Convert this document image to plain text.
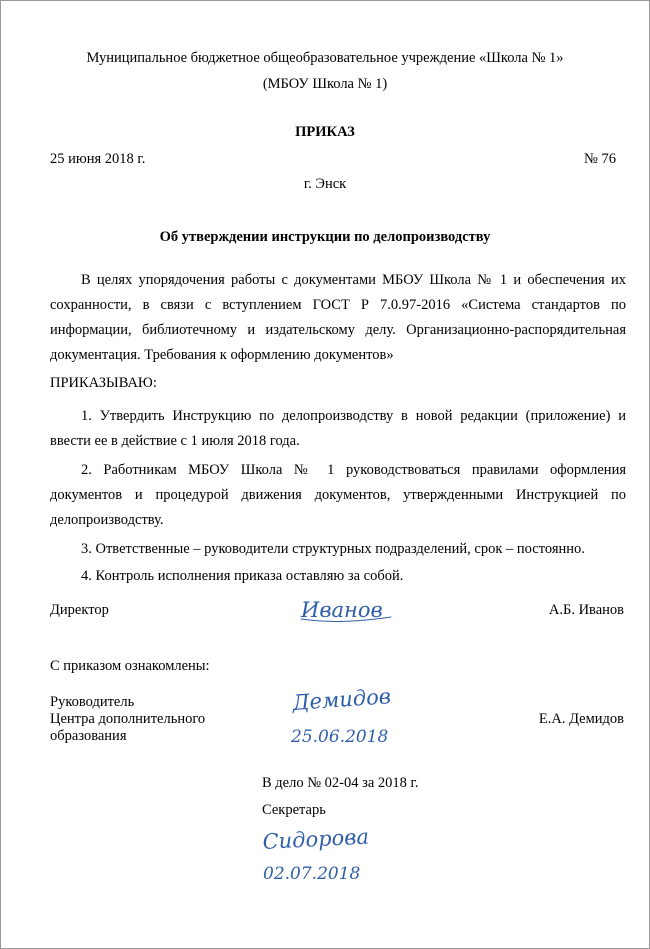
Муниципальное бюджетное общеобразовательное учреждение «Школа № 1»
(МБОУ Школа № 1)
ПРИКАЗ
25 июня 2018 г.	№ 76
г. Энск
Об утверждении инструкции по делопроизводству
В целях упорядочения работы с документами МБОУ Школа № 1 и обеспечения их сохранности, в связи с вступлением ГОСТ Р 7.0.97-2016 «Система стандартов по информации, библиотечному и издательскому делу. Организационно-распорядительная документация. Требования к оформлению документов»
ПРИКАЗЫВАЮ:
1. Утвердить Инструкцию по делопроизводству в новой редакции (приложение) и ввести ее в действие с 1 июля 2018 года.
2. Работникам МБОУ Школа № 1 руководствоваться правилами оформления документов и процедурой движения документов, утвержденными Инструкцией по делопроизводству.
3. Ответственные – руководители структурных подразделений, срок – постоянно.
4. Контроль исполнения приказа оставляю за собой.
Директор	Иванов	А.Б. Иванов
С приказом ознакомлены:
Руководитель
Центра дополнительного
образования
Демидов
25.06.2018
Е.А. Демидов
В дело № 02-04 за 2018 г.
Секретарь
Сидорова
02.07.2018
